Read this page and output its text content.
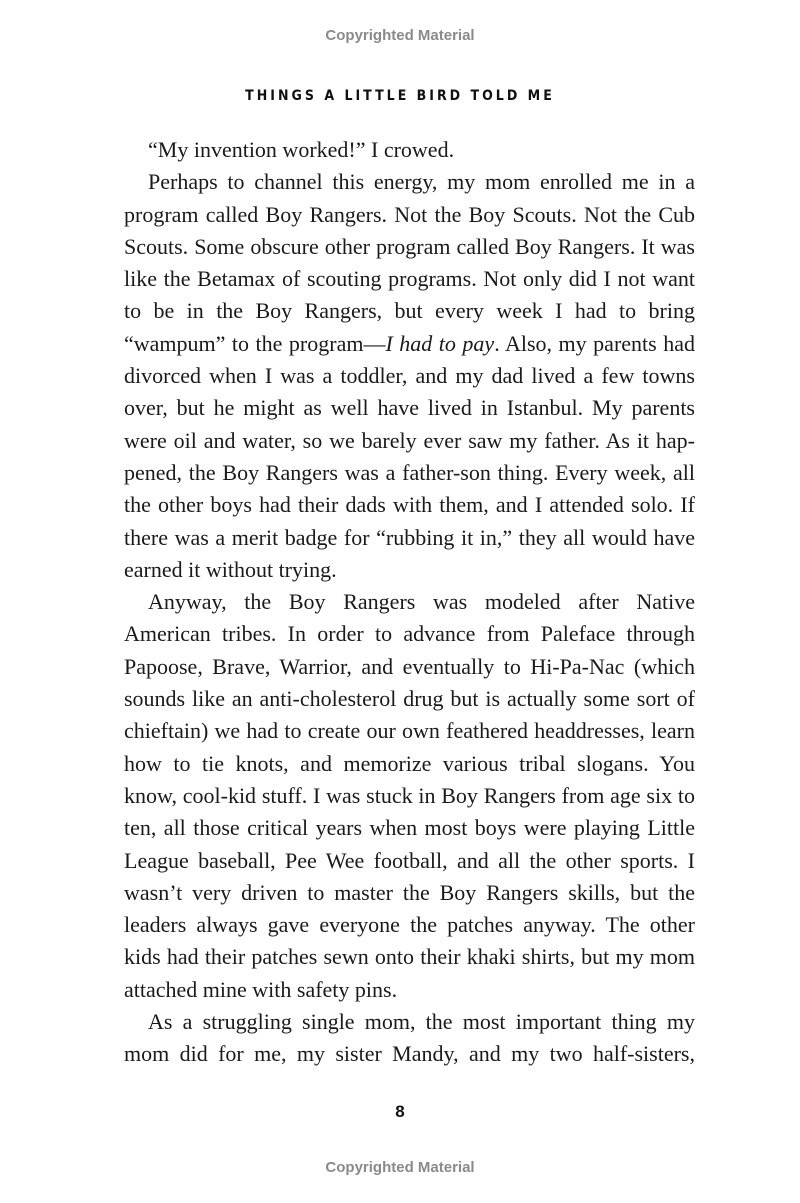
Copyrighted Material
THINGS A LITTLE BIRD TOLD ME

“My invention worked!” I crowed.

Perhaps to channel this energy, my mom enrolled me in a program called Boy Rangers. Not the Boy Scouts. Not the Cub Scouts. Some obscure other program called Boy Rangers. It was like the Betamax of scouting programs. Not only did I not want to be in the Boy Rangers, but every week I had to bring “wampum” to the program—I had to pay. Also, my parents had divorced when I was a toddler, and my dad lived a few towns over, but he might as well have lived in Istanbul. My parents were oil and water, so we barely ever saw my father. As it happened, the Boy Rangers was a father-son thing. Every week, all the other boys had their dads with them, and I attended solo. If there was a merit badge for “rubbing it in,” they all would have earned it without trying.

Anyway, the Boy Rangers was modeled after Native American tribes. In order to advance from Paleface through Papoose, Brave, Warrior, and eventually to Hi-Pa-Nac (which sounds like an anti-cholesterol drug but is actually some sort of chieftain) we had to create our own feathered headdresses, learn how to tie knots, and memorize various tribal slogans. You know, cool-kid stuff. I was stuck in Boy Rangers from age six to ten, all those critical years when most boys were playing Little League baseball, Pee Wee football, and all the other sports. I wasn’t very driven to master the Boy Rangers skills, but the leaders always gave everyone the patches anyway. The other kids had their patches sewn onto their khaki shirts, but my mom attached mine with safety pins.

As a struggling single mom, the most important thing my mom did for me, my sister Mandy, and my two half-sisters,

8
Copyrighted Material
